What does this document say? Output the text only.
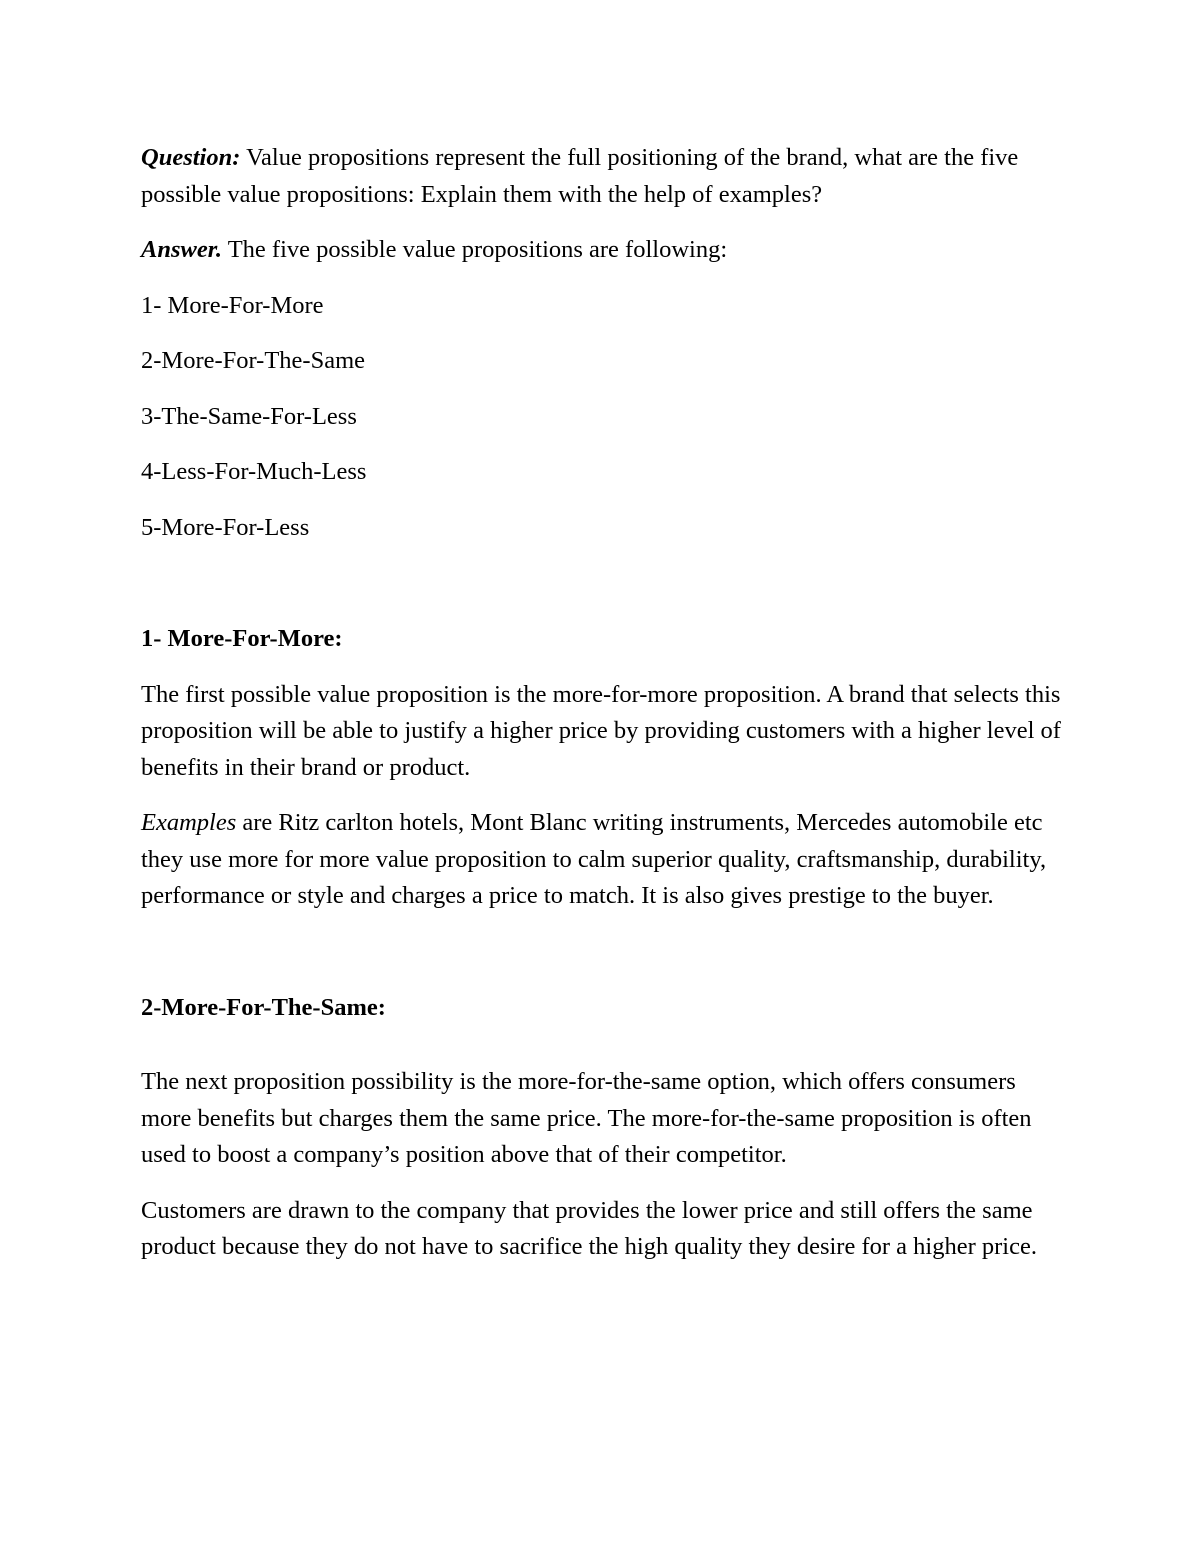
Question: Value propositions represent the full positioning of the brand, what are the five possible value propositions: Explain them with the help of examples?

Answer. The five possible value propositions are following:

1- More-For-More

2-More-For-The-Same

3-The-Same-For-Less

4-Less-For-Much-Less

5-More-For-Less

1- More-For-More:

The first possible value proposition is the more-for-more proposition. A brand that selects this proposition will be able to justify a higher price by providing customers with a higher level of benefits in their brand or product.

Examples are Ritz carlton hotels, Mont Blanc writing instruments, Mercedes automobile etc they use more for more value proposition to calm superior quality, craftsmanship, durability, performance or style and charges a price to match. It is also gives prestige to the buyer.

2-More-For-The-Same:

The next proposition possibility is the more-for-the-same option, which offers consumers more benefits but charges them the same price. The more-for-the-same proposition is often used to boost a company’s position above that of their competitor.

Customers are drawn to the company that provides the lower price and still offers the same product because they do not have to sacrifice the high quality they desire for a higher price.
